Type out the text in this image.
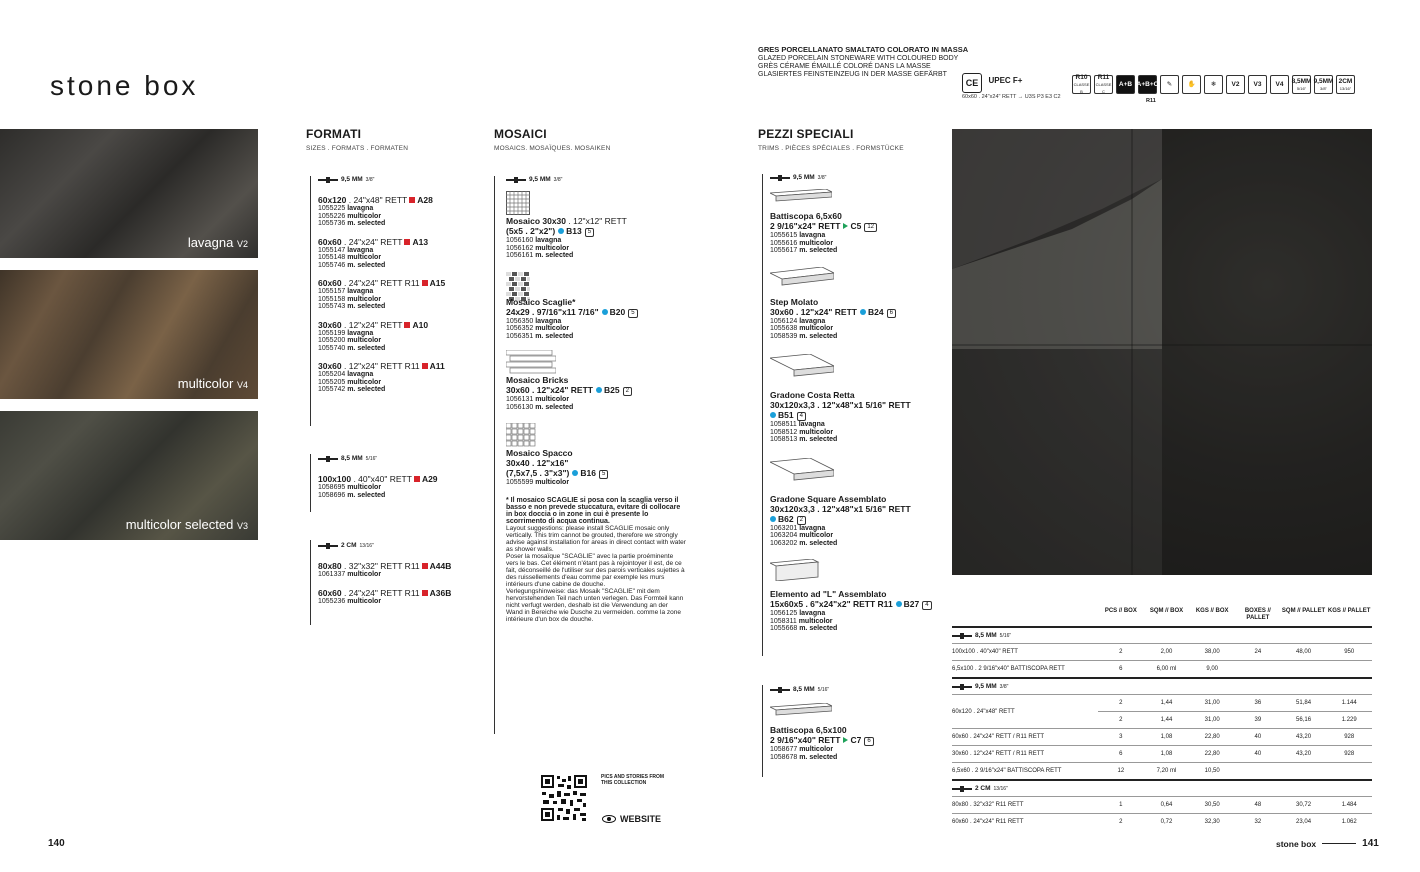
stone box
GRES PORCELLANATO SMALTATO COLORATO IN MASSA
GLAZED PORCELAIN STONEWARE WITH COLOURED BODY
GRÈS CÉRAME ÉMAILLÉ COLORÉ DANS LA MASSE
GLASIERTES FEINSTEINZEUG IN DER MASSE GEFÄRBT
CE UPEC F+
60x60 . 24"x24" RETT → U3S P3 E3 C2
R10
CLASSE B
R11
CLASSE C
A+B A+B+C ✎ ✋ ❄ V2 V3 V4 8,5MM
5/16"
9,5MM
3/8"
2CM
13/16"
R11
lavagna V2
multicolor V4
multicolor selected V3
FORMATI
SIZES . FORMATS . FORMATEN
9,5 MM 3/8"
60x120 . 24"x48" RETT A28
1055225 lavagna
1055226 multicolor
1055736 m. selected
60x60 . 24"x24" RETT A13
1055147 lavagna
1055148 multicolor
1055746 m. selected
60x60 . 24"x24" RETT R11 A15
1055157 lavagna
1055158 multicolor
1055743 m. selected
30x60 . 12"x24" RETT A10
1055199 lavagna
1055200 multicolor
1055740 m. selected
30x60 . 12"x24" RETT R11 A11
1055204 lavagna
1055205 multicolor
1055742 m. selected
8,5 MM 5/16"
100x100 . 40"x40" RETT A29
1058695 multicolor
1058696 m. selected
2 CM 13/16"
80x80 . 32"x32" RETT R11 A44B
1061337 multicolor
60x60 . 24"x24" RETT R11 A36B
1055236 multicolor
MOSAICI
MOSAICS. MOSAÏQUES. MOSAIKEN
9,5 MM 3/8"
Mosaico 30x30 . 12"x12" RETT
(5x5 . 2"x2") B13 5
1056160 lavagna
1056162 multicolor
1056161 m. selected
Mosaico Scaglie*
24x29 . 97/16"x11 7/16" B20 5
1056350 lavagna
1056352 multicolor
1056351 m. selected
Mosaico Bricks
30x60 . 12"x24" RETT B25 2
1056131 multicolor
1056130 m. selected
Mosaico Spacco
30x40 . 12"x16"
(7,5x7,5 . 3"x3") B16 5
1055599 multicolor
* Il mosaico SCAGLIE si posa con la scaglia verso il basso e non prevede stuccatura, evitare di collocare in box doccia o in zone in cui è presente lo scorrimento di acqua continua.
Layout suggestions: please install SCAGLIE mosaic only vertically. This trim cannot be grouted, therefore we strongly advise against installation for areas in direct contact with water as shower walls.
Poser la mosaïque "SCAGLIE" avec la partie proéminente vers le bas. Cet élément n'étant pas à rejointoyer il est, de ce fait, déconseillé de l'utiliser sur des parois verticales sujettes à des ruissellements d'eau comme par exemple les murs intérieurs d'une cabine de douche.
Verlegungshinweise: das Mosaik "SCAGLIE" mit dem hervorstehenden Teil nach unten verlegen. Das Formteil kann nicht verfugt werden, deshalb ist die Verwendung an der Wand in Bereiche wie Dusche zu vermeiden. comme la zone intérieure d'un box de douche.
PICS AND STORIES FROM THIS COLLECTION
WEBSITE
PEZZI SPECIALI
TRIMS . PIÈCES SPÉCIALES . FORMSTÜCKE
9,5 MM 3/8"
Battiscopa 6,5x60
2 9/16"x24" RETT C5 12
1055615 lavagna
1055616 multicolor
1055617 m. selected
Step Molato
30x60 . 12"x24" RETT B24 6
1056124 lavagna
1055638 multicolor
1058539 m. selected
Gradone Costa Retta
30x120x3,3 . 12"x48"x1 5/16" RETT
B51 4
1058511 lavagna
1058512 multicolor
1058513 m. selected
Gradone Square Assemblato
30x120x3,3 . 12"x48"x1 5/16" RETT
B62 2
1063201 lavagna
1063204 multicolor
1063202 m. selected
Elemento ad "L" Assemblato
15x60x5 . 6"x24"x2" RETT R11 B27 4
1056125 lavagna
1058311 multicolor
1055668 m. selected
8,5 MM 5/16"
Battiscopa 6,5x100
2 9/16"x40" RETT C7 6
1058677 multicolor
1058678 m. selected
PCS // BOX	SQM // BOX	KGS // BOX	BOXES // PALLET
SQM // PALLET KGS // PALLET
8,5 MM 5/16"
100x100 . 40"x40" RETT	2	2,00	38,00	24	48,00	950
6,5x100 . 2 9/16"x40" BATTISCOPA RETT	6	6,00 ml	9,00
9,5 MM 3/8"
60x120 . 24"x48" RETT
2	1,44	31,00	36	51,84	1.144
2	1,44	31,00	39	56,16	1.229
60x60 . 24"x24" RETT / R11 RETT	3	1,08	22,80	40	43,20	928
30x60 . 12"x24" RETT / R11 RETT	6	1,08	22,80	40	43,20	928
6,5x60 . 2 9/16"x24" BATTISCOPA RETT	12	7,20 ml	10,50
2 CM 13/16"
80x80 . 32"x32" R11 RETT	1	0,64	30,50	48	30,72	1.484
60x60 . 24"x24" R11 RETT	2	0,72	32,30	32	23,04	1.062
140	stone box	141
